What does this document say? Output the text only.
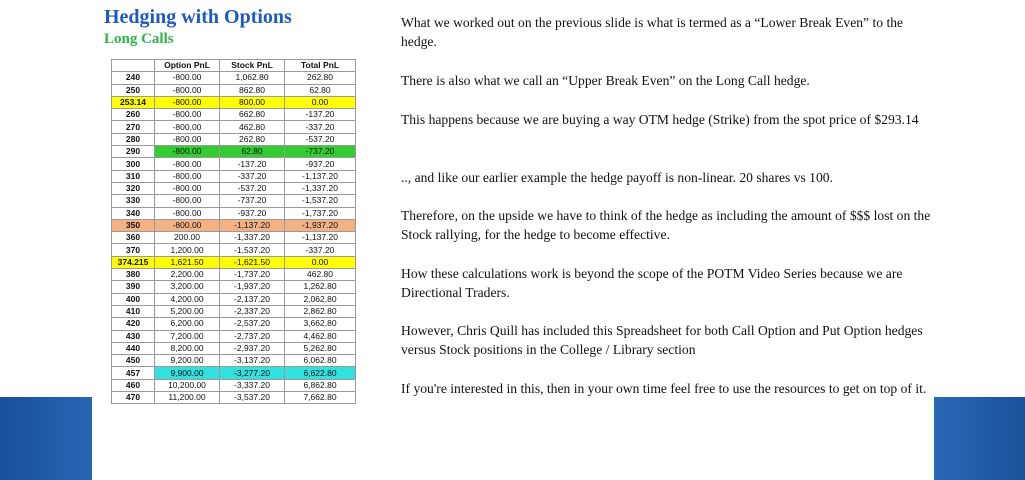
Hedging with Options
Long Calls
	Option PnL	Stock PnL	Total PnL
240	-800.00	1,062.80	262.80
250	-800.00	862.80	62.80
253.14	-800.00	800.00	0.00
260	-800.00	662.80	-137.20
270	-800.00	462.80	-337.20
280	-800.00	262.80	-537.20
290	-800.00	62.80	-737.20
300	-800.00	-137.20	-937.20
310	-800.00	-337.20	-1,137.20
320	-800.00	-537.20	-1,337.20
330	-800.00	-737.20	-1,537.20
340	-800.00	-937.20	-1,737.20
350	-800.00	-1,137.20	-1,937.20
360	200.00	-1,337.20	-1,137.20
370	1,200.00	-1,537.20	-337.20
374.215	1,621.50	-1,621.50	0.00
380	2,200.00	-1,737.20	462.80
390	3,200.00	-1,937.20	1,262.80
400	4,200.00	-2,137.20	2,062.80
410	5,200.00	-2,337.20	2,862.80
420	6,200.00	-2,537.20	3,662.80
430	7,200.00	-2,737.20	4,462.80
440	8,200.00	-2,937.20	5,262.80
450	9,200.00	-3,137.20	6,062.80
457	9,900.00	-3,277.20	6,622.80
460	10,200.00	-3,337.20	6,862.80
470	11,200.00	-3,537.20	7,662.80

What we worked out on the previous slide is what is termed as a “Lower Break Even” to the hedge.

There is also what we call an “Upper Break Even” on the Long Call hedge.

This happens because we are buying a way OTM hedge (Strike) from the spot price of $293.14

.., and like our earlier example the hedge payoff is non-linear. 20 shares vs 100.

Therefore, on the upside we have to think of the hedge as including the amount of $$$ lost on the Stock rallying, for the hedge to become effective.

How these calculations work is beyond the scope of the POTM Video Series because we are Directional Traders.

However, Chris Quill has included this Spreadsheet for both Call Option and Put Option hedges versus Stock positions in the College / Library section

If you're interested in this, then in your own time feel free to use the resources to get on top of it.
